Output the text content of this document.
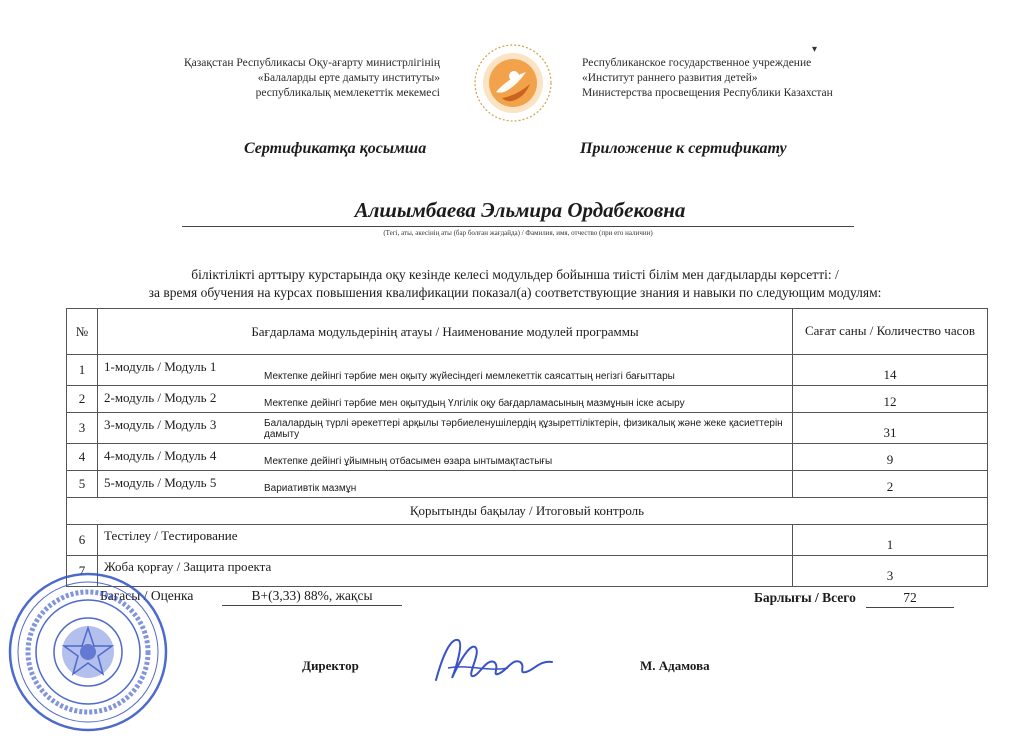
Қазақстан Республикасы Оқу-ағарту министрлігінің
«Балаларды ерте дамыту институты»
республикалық мемлекеттік мекемесі
▾
Республиканское государственное учреждение
«Институт раннего развития детей»
Министерства просвещения Республики Казахстан
Сертификатқа қосымша	Приложение к сертификату
Алшымбаева Эльмира Ордабековна
(Тегі, аты, әкесінің аты (бар болған жағдайда) / Фамилия, имя, отчество (при его наличии)
біліктілікті арттыру курстарында оқу кезінде келесі модульдер бойынша тиісті білім мен дағдыларды көрсетті: /
за время обучения на курсах повышения квалификации показал(а) соответствующие знания и навыки по следующим модулям:
№	Бағдарлама модульдерінің атауы / Наименование модулей программы		Сағат саны / Количество часов
1	1-модуль / Модуль 1	Мектепке дейінгі тәрбие мен оқыту жүйесіндегі мемлекеттік саясаттың негізгі бағыттары	14
2	2-модуль / Модуль 2	Мектепке дейінгі тәрбие мен оқытудың Үлгілік оқу бағдарламасының мазмұнын іске асыру	12
3	3-модуль / Модуль 3	Балалардың түрлі әрекеттері арқылы тәрбиеленушілердің құзыреттіліктерін, физикалық және жеке қасиеттерін дамыту	31
4	4-модуль / Модуль 4	Мектепке дейінгі ұйымның отбасымен өзара ынтымақтастығы	9
5	5-модуль / Модуль 5	Вариативтік мазмұн	2
Қорытынды бақылау / Итоговый контроль			
6	Тестілеу / Тестирование		1
7	Жоба қорғау / Защита проекта		3
Бағасы / Оценка	В+(3,33) 88%, жақсы	Барлығы / Всего	72
Директор	М. Адамова
